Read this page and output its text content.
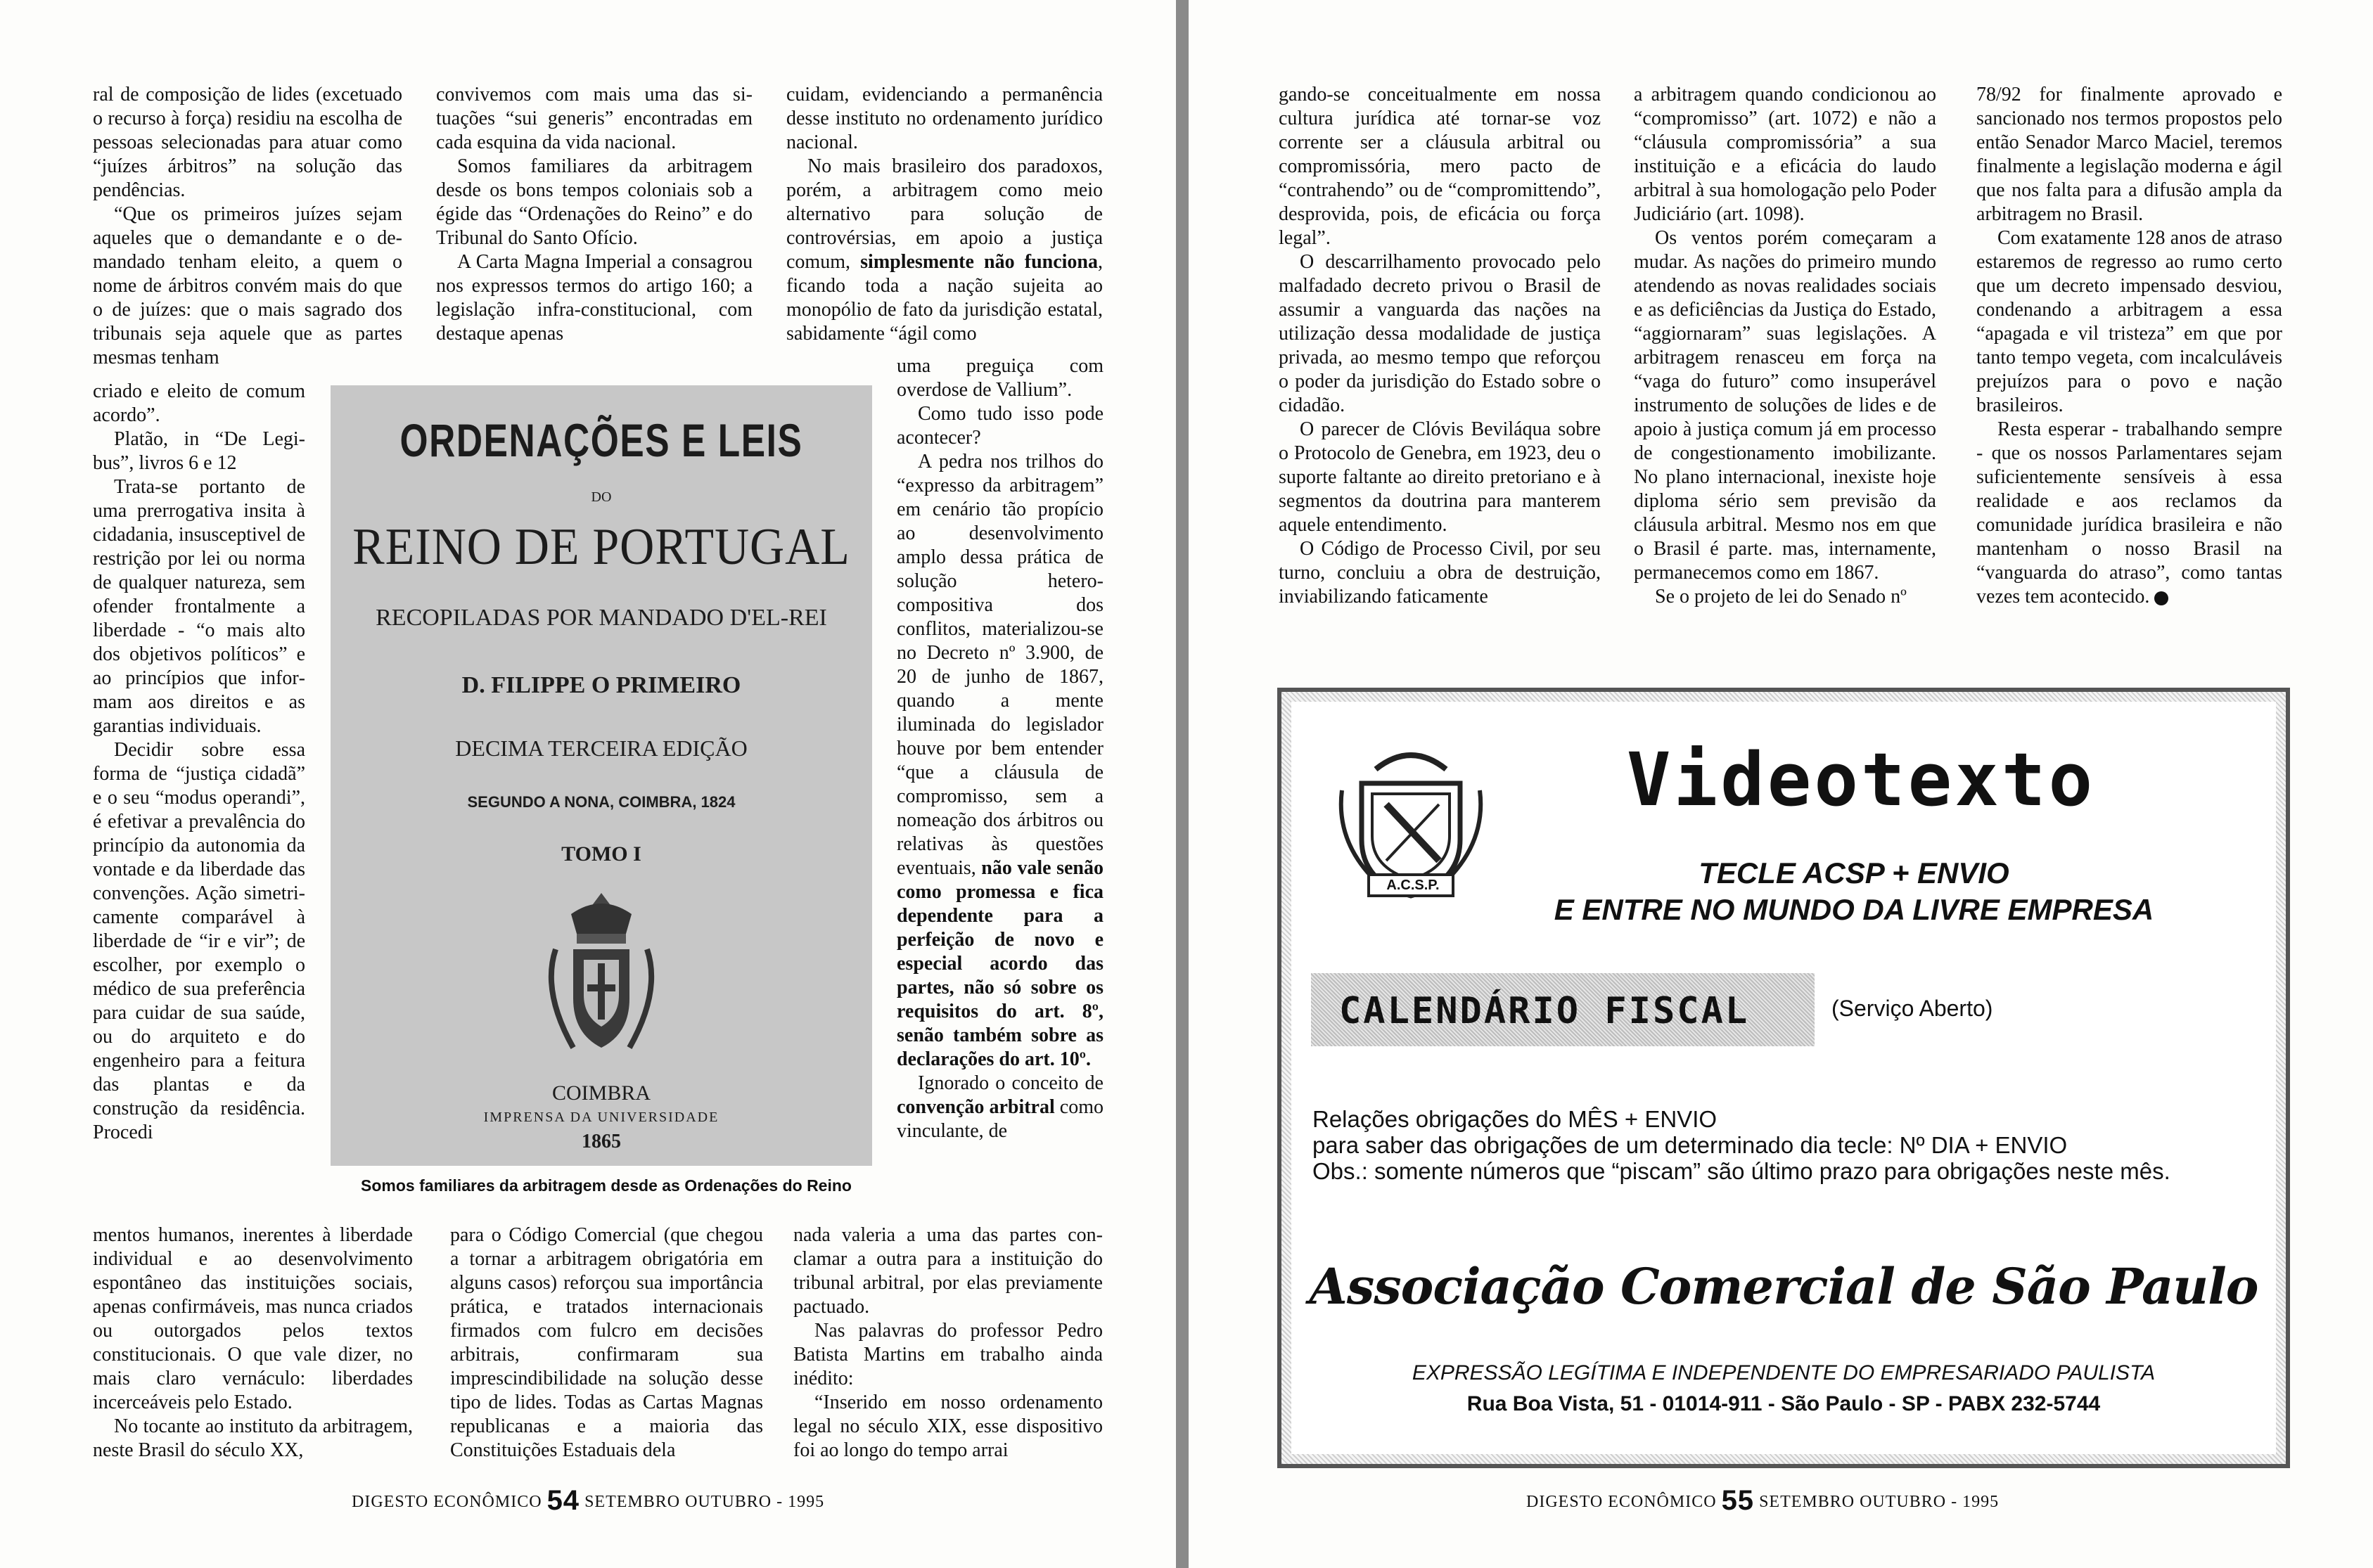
ral de composição de lides (excetuado o recurso à força) residiu na escolha de pessoas selecionadas para atuar como “juízes árbitros” na solução das pendências.

“Que os primeiros juízes sejam aqueles que o demandante e o demandado tenham eleito, a quem o nome de árbitros convém mais do que o de juízes: que o mais sagrado dos tribunais seja aquele que as partes mesmas tenham

criado e eleito de comum acordo”.

Platão, in “De Legibus”, livros 6 e 12

Trata-se portanto de uma prerrogativa insita à cidadania, insusceptivel de restrição por lei ou norma de qualquer natureza, sem ofender frontalmente a liberdade - “o mais alto dos objetivos políticos” e ao princípios que informam aos direitos e as garantias individuais.

Decidir sobre essa forma de “justiça cidadã” e o seu “modus operandi”, é efetivar a prevalência do princípio da autonomia da vontade e da liberdade das convenções. Ação simetricamente comparável à liberdade de “ir e vir”; de escolher, por exemplo o médico de sua preferência para cuidar de sua saúde, ou do arquiteto e do engenheiro para a feitura das plantas e da construção da residência. Procedi

mentos humanos, inerentes à liberdade individual e ao desenvolvimento espontâneo das instituições sociais, apenas confirmáveis, mas nunca criados ou outorgados pelos textos constitucionais. O que vale dizer, no mais claro vernáculo: liberdades incerceáveis pelo Estado.

No tocante ao instituto da arbitragem, neste Brasil do século XX,

convivemos com mais uma das situações “sui generis” encontradas em cada esquina da vida nacional.

Somos familiares da arbitragem desde os bons tempos coloniais sob a égide das “Ordenações do Reino” e do Tribunal do Santo Ofício.

A Carta Magna Imperial a consagrou nos expressos termos do artigo 160; a legislação infra-constitucional, com destaque apenas

para o Código Comercial (que chegou a tornar a arbitragem obrigatória em alguns casos) reforçou sua importância prática, e tratados internacionais firmados com fulcro em decisões arbitrais, confirmaram sua imprescindibilidade na solução desse tipo de lides. Todas as Cartas Magnas republicanas e a maioria das Constituições Estaduais dela

cuidam, evidenciando a permanência desse instituto no ordenamento jurídico nacional.

No mais brasileiro dos paradoxos, porém, a arbitragem como meio alternativo para solução de controvérsias, em apoio a justiça comum, simplesmente não funciona, ficando toda a nação sujeita ao monopólio de fato da jurisdição estatal, sabidamente “ágil como

uma preguiça com overdose de Vallium”.

Como tudo isso pode acontecer?

A pedra nos trilhos do “expresso da arbitragem” em cenário tão propício ao desenvolvimento amplo dessa prática de solução hetero- compositiva dos conflitos, materializou-se no Decreto nº 3.900, de 20 de junho de 1867, quando a mente iluminada do legislador houve por bem entender “que a cláusula de compromisso, sem a nomeação dos árbitros ou relativas às questões eventuais, não vale senão como promessa e fica dependente para a perfeição de novo e especial acordo das partes, não só sobre os requisitos do art. 8º, senão também sobre as declarações do art. 10º.

Ignorado o conceito de convenção arbitral como vinculante, de

nada valeria a uma das partes conclamar a outra para a instituição do tribunal arbitral, por elas previamente pactuado.

Nas palavras do professor Pedro Batista Martins em trabalho ainda inédito:

“Inserido em nosso ordenamento legal no século XIX, esse dispositivo foi ao longo do tempo arrai

ORDENAÇÕES E LEIS
DO
REINO DE PORTUGAL
RECOPILADAS POR MANDADO D'EL-REI
D. FILIPPE O PRIMEIRO
DECIMA TERCEIRA EDIÇÃO
SEGUNDO A NONA, COIMBRA, 1824
TOMO I
COIMBRA
IMPRENSA DA UNIVERSIDADE
1865
Somos familiares da arbitragem desde as Ordenações do Reino
DIGESTO ECONÔMICO 54 SETEMBRO OUTUBRO - 1995

gando-se conceitualmente em nossa cultura jurídica até tornar-se voz corrente ser a cláusula arbitral ou compromissória, mero pacto de “contrahendo” ou de “compromittendo”, desprovida, pois, de eficácia ou força legal”.

O descarrilhamento provocado pelo malfadado decreto privou o Brasil de assumir a vanguarda das nações na utilização dessa modalidade de justiça privada, ao mesmo tempo que reforçou o poder da jurisdição do Estado sobre o cidadão.

O parecer de Clóvis Beviláqua sobre o Protocolo de Genebra, em 1923, deu o suporte faltante ao direito pretoriano e à segmentos da doutrina para manterem aquele entendimento.

O Código de Processo Civil, por seu turno, concluiu a obra de destruição, inviabilizando faticamente

a arbitragem quando condicionou ao “compromisso” (art. 1072) e não a “cláusula compromissória” a sua instituição e a eficácia do laudo arbitral à sua homologação pelo Poder Judiciário (art. 1098).

Os ventos porém começaram a mudar. As nações do primeiro mundo atendendo as novas realidades sociais e as deficiências da Justiça do Estado, “aggiornaram” suas legislações. A arbitragem renasceu em força na “vaga do futuro” como insuperável instrumento de soluções de lides e de apoio à justiça comum já em processo de congestionamento imobilizante. No plano internacional, inexiste hoje diploma sério sem previsão da cláusula arbitral. Mesmo nos em que o Brasil é parte. mas, internamente, permanecemos como em 1867.

Se o projeto de lei do Senado nº

78/92 for finalmente aprovado e sancionado nos termos propostos pelo então Senador Marco Maciel, teremos finalmente a legislação moderna e ágil que nos falta para a difusão ampla da arbitragem no Brasil.

Com exatamente 128 anos de atraso estaremos de regresso ao rumo certo que um decreto impensado desviou, condenando a arbitragem a essa “apagada e vil tristеza” em que por tanto tempo vegeta, com incalculáveis prejuízos para o povo e nação brasileiros.

Resta esperar - trabalhando sempre - que os nossos Parlamentares sejam suficientemente sensíveis à essa realidade e aos reclamos da comunidade jurídica brasileira e não mantenham o nosso Brasil na “vanguarda do atraso”, como tantas vezes tem acontecido.

DIGESTO ECONÔMICO 55 SETEMBRO OUTUBRO - 1995
A.C.S.P.
Videotexto
TECLE ACSP + ENVIO
E ENTRE NO MUNDO DA LIVRE EMPRESA
CALENDÁRIO FISCAL	(Serviço Aberto)
Relações obrigações do MÊS + ENVIO
para saber das obrigações de um determinado dia tecle: Nº DIA + ENVIO
Obs.: somente números que “piscam” são último prazo para obrigações neste mês.
Associação Comercial de São Paulo
EXPRESSÃO LEGÍTIMA E INDEPENDENTE DO EMPRESARIADO PAULISTA
Rua Boa Vista, 51 - 01014-911 - São Paulo - SP - PABX 232-5744
